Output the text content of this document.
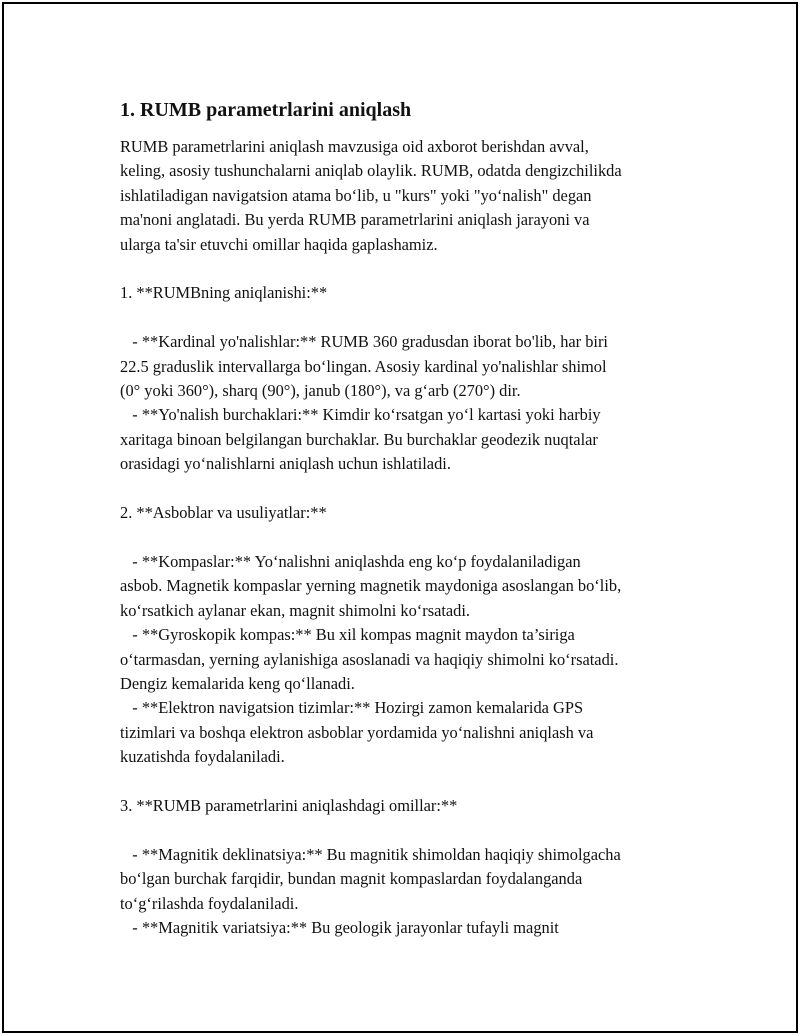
1. RUMB parametrlarini aniqlash

RUMB parametrlarini aniqlash mavzusiga oid axborot berishdan avval,
keling, asosiy tushunchalarni aniqlab olaylik. RUMB, odatda dengizchilikda
ishlatiladigan navigatsion atama bo‘lib, u "kurs" yoki "yo‘nalish" degan
ma'noni anglatadi. Bu yerda RUMB parametrlarini aniqlash jarayoni va
ularga ta'sir etuvchi omillar haqida gaplashamiz.

1. **RUMBning aniqlanishi:**

- **Kardinal yo'nalishlar:** RUMB 360 gradusdan iborat bo'lib, har biri
22.5 graduslik intervallarga bo‘lingan. Asosiy kardinal yo'nalishlar shimol
(0° yoki 360°), sharq (90°), janub (180°), va g‘arb (270°) dir.
- **Yo'nalish burchaklari:** Kimdir ko‘rsatgan yo‘l kartasi yoki harbiy
xaritaga binoan belgilangan burchaklar. Bu burchaklar geodezik nuqtalar
orasidagi yo‘nalishlarni aniqlash uchun ishlatiladi.

2. **Asboblar va usuliyatlar:**

- **Kompaslar:** Yo‘nalishni aniqlashda eng ko‘p foydalaniladigan
asbob. Magnetik kompaslar yerning magnetik maydoniga asoslangan bo‘lib,
ko‘rsatkich aylanar ekan, magnit shimolni ko‘rsatadi.
- **Gyroskopik kompas:** Bu xil kompas magnit maydon ta’siriga
o‘tarmasdan, yerning aylanishiga asoslanadi va haqiqiy shimolni ko‘rsatadi.
Dengiz kemalarida keng qo‘llanadi.
- **Elektron navigatsion tizimlar:** Hozirgi zamon kemalarida GPS
tizimlari va boshqa elektron asboblar yordamida yo‘nalishni aniqlash va
kuzatishda foydalaniladi.

3. **RUMB parametrlarini aniqlashdagi omillar:**

- **Magnitik deklinatsiya:** Bu magnitik shimoldan haqiqiy shimolgacha
bo‘lgan burchak farqidir, bundan magnit kompaslardan foydalanganda
to‘g‘rilashda foydalaniladi.
- **Magnitik variatsiya:** Bu geologik jarayonlar tufayli magnit
